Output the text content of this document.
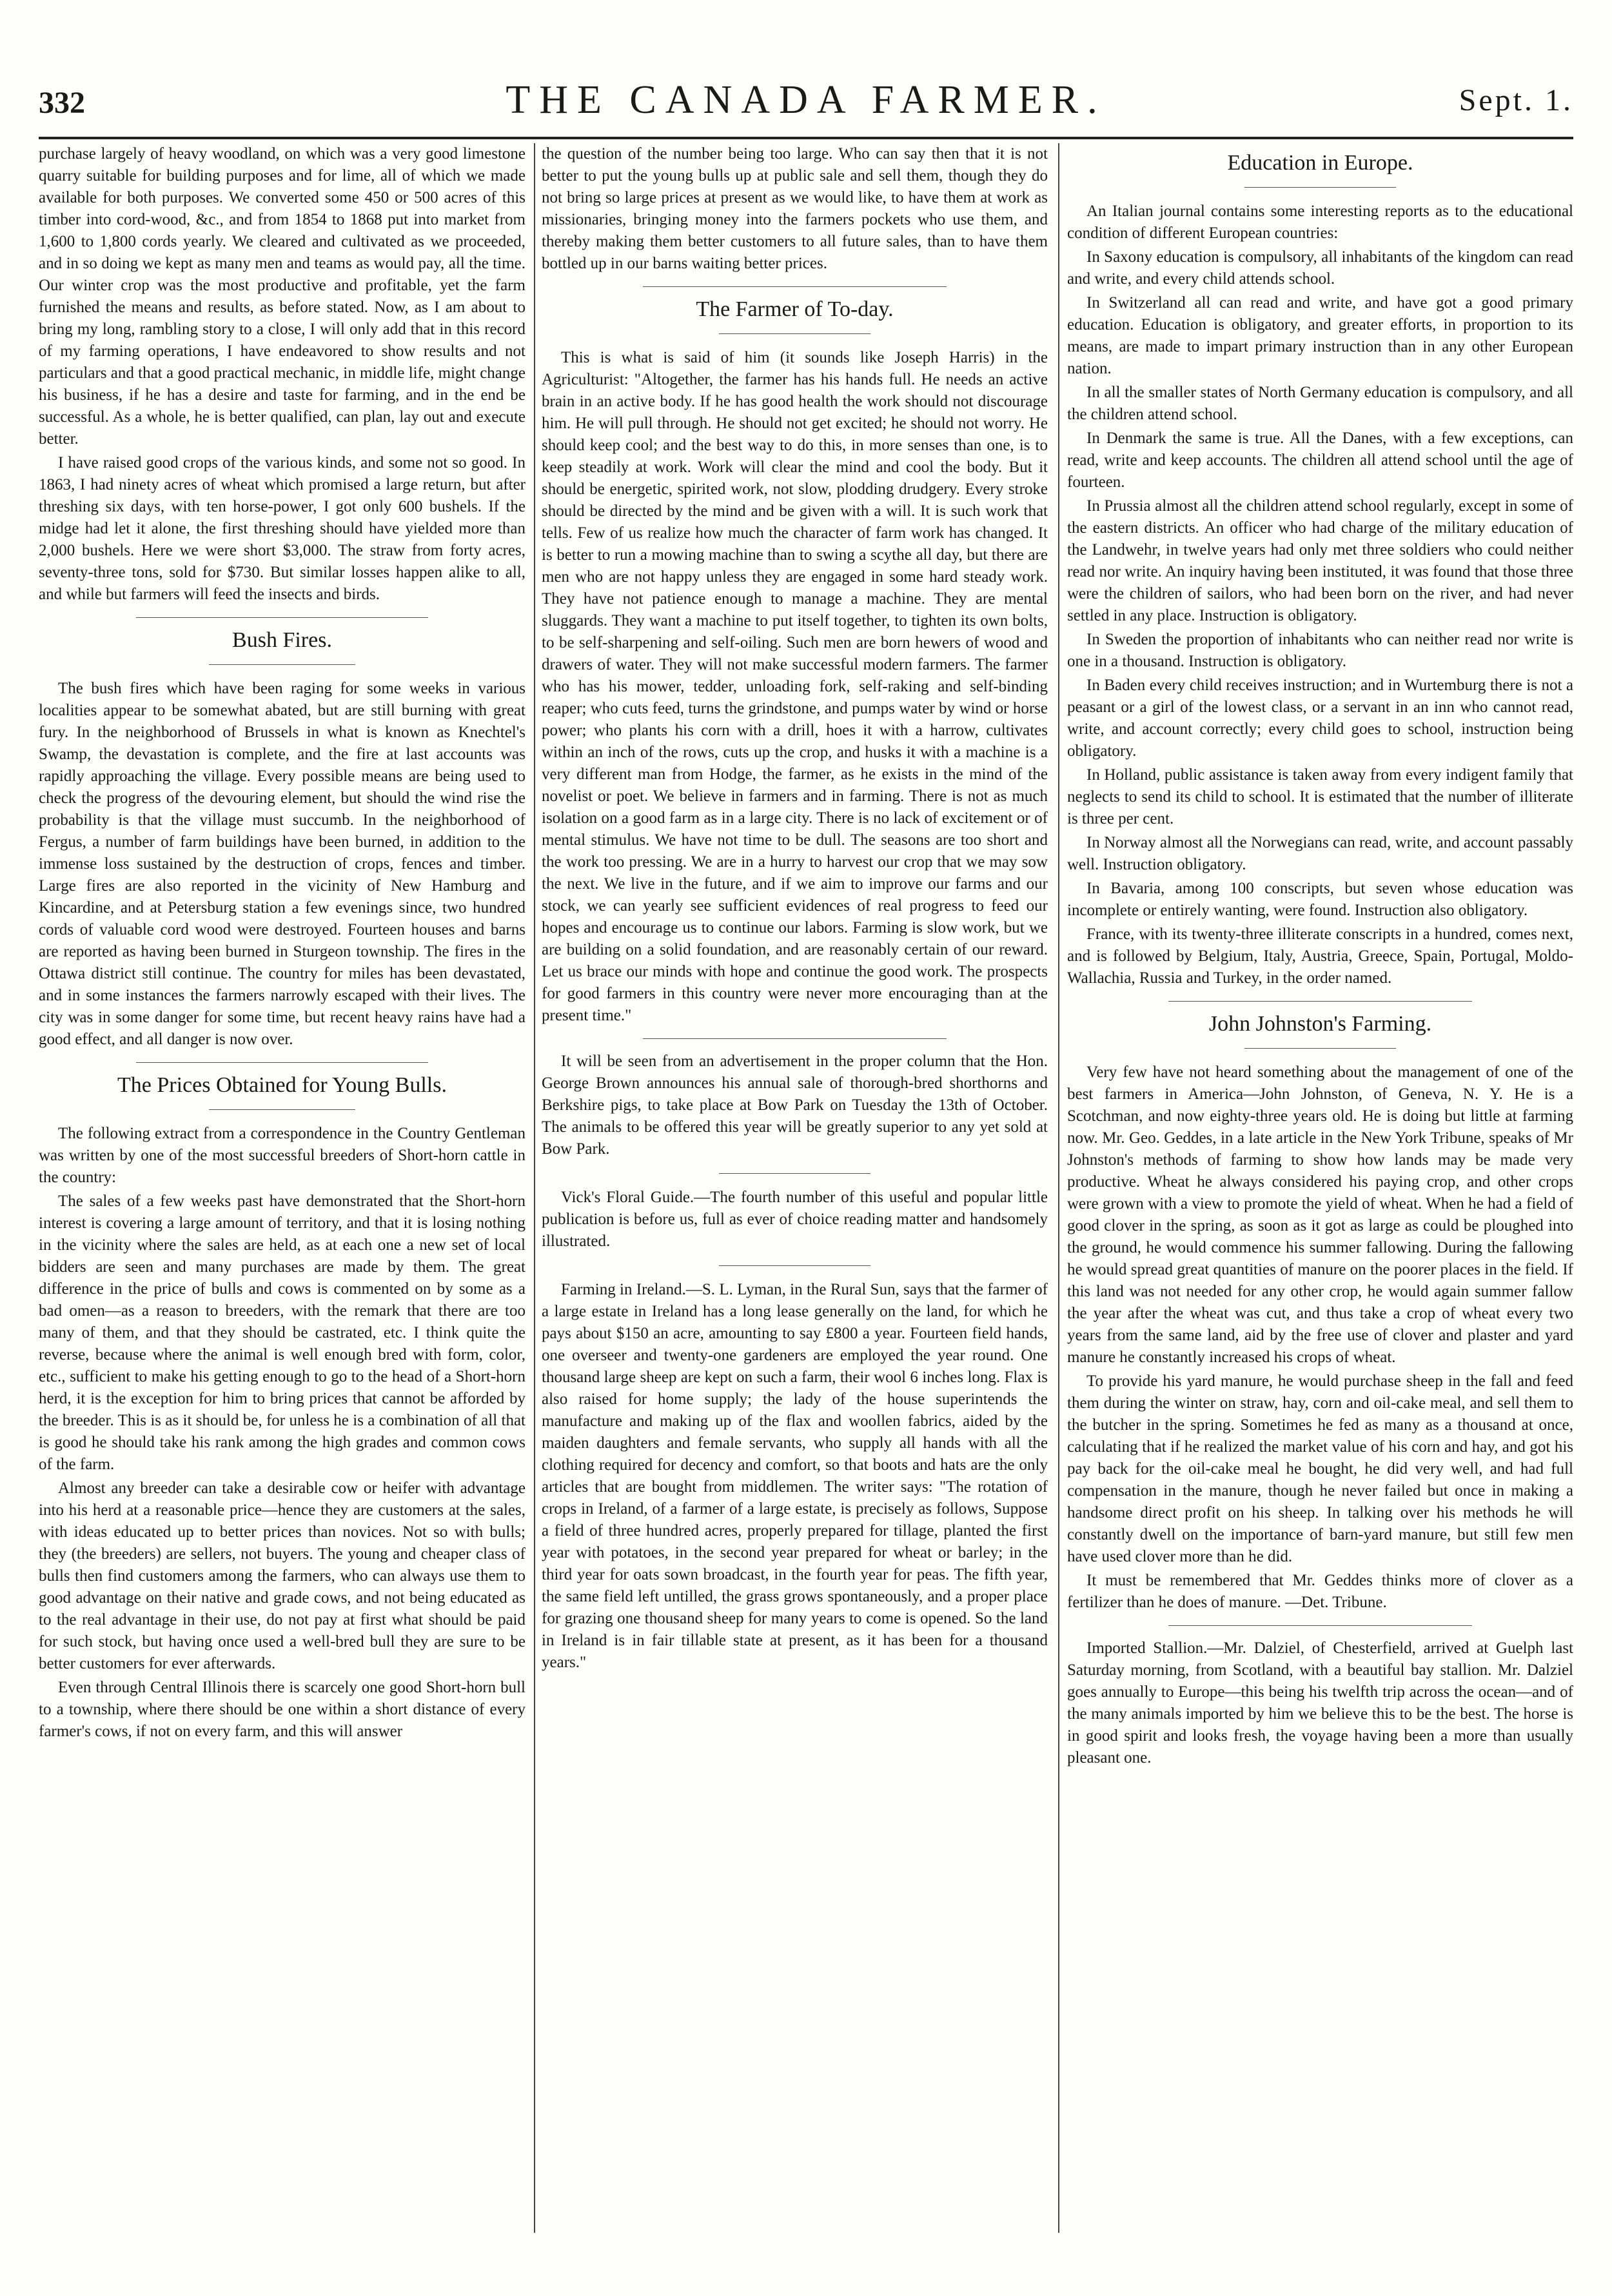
332	THE CANADA FARMER.	Sept. 1.

purchase largely of heavy woodland, on which was a very good limestone quarry suitable for building purposes and for lime, all of which we made available for both purposes. We converted some 450 or 500 acres of this timber into cord-wood, &c., and from 1854 to 1868 put into market from 1,600 to 1,800 cords yearly. We cleared and cultivated as we proceeded, and in so doing we kept as many men and teams as would pay, all the time. Our winter crop was the most productive and profitable, yet the farm furnished the means and results, as before stated. Now, as I am about to bring my long, rambling story to a close, I will only add that in this record of my farming operations, I have endeavored to show results and not particulars and that a good practical mechanic, in middle life, might change his business, if he has a desire and taste for farming, and in the end be successful. As a whole, he is better qualified, can plan, lay out and execute better.

I have raised good crops of the various kinds, and some not so good. In 1863, I had ninety acres of wheat which promised a large return, but after threshing six days, with ten horse-power, I got only 600 bushels. If the midge had let it alone, the first threshing should have yielded more than 2,000 bushels. Here we were short $3,000. The straw from forty acres, seventy-three tons, sold for $730. But similar losses happen alike to all, and while but farmers will feed the insects and birds.

Bush Fires.

The bush fires which have been raging for some weeks in various localities appear to be somewhat abated, but are still burning with great fury. In the neighborhood of Brussels in what is known as Knechtel's Swamp, the devastation is complete, and the fire at last accounts was rapidly approaching the village. Every possible means are being used to check the progress of the devouring element, but should the wind rise the probability is that the village must succumb. In the neighborhood of Fergus, a number of farm buildings have been burned, in addition to the immense loss sustained by the destruction of crops, fences and timber. Large fires are also reported in the vicinity of New Hamburg and Kincardine, and at Petersburg station a few evenings since, two hundred cords of valuable cord wood were destroyed. Fourteen houses and barns are reported as having been burned in Sturgeon township. The fires in the Ottawa district still continue. The country for miles has been devastated, and in some instances the farmers narrowly escaped with their lives. The city was in some danger for some time, but recent heavy rains have had a good effect, and all danger is now over.

The Prices Obtained for Young Bulls.

The following extract from a correspondence in the Country Gentleman was written by one of the most successful breeders of Short-horn cattle in the country:

The sales of a few weeks past have demonstrated that the Short-horn interest is covering a large amount of territory, and that it is losing nothing in the vicinity where the sales are held, as at each one a new set of local bidders are seen and many purchases are made by them. The great difference in the price of bulls and cows is commented on by some as a bad omen—as a reason to breeders, with the remark that there are too many of them, and that they should be castrated, etc. I think quite the reverse, because where the animal is well enough bred with form, color, etc., sufficient to make his getting enough to go to the head of a Short-horn herd, it is the exception for him to bring prices that cannot be afforded by the breeder. This is as it should be, for unless he is a combination of all that is good he should take his rank among the high grades and common cows of the farm.

Almost any breeder can take a desirable cow or heifer with advantage into his herd at a reasonable price—hence they are customers at the sales, with ideas educated up to better prices than novices. Not so with bulls; they (the breeders) are sellers, not buyers. The young and cheaper class of bulls then find customers among the farmers, who can always use them to good advantage on their native and grade cows, and not being educated as to the real advantage in their use, do not pay at first what should be paid for such stock, but having once used a well-bred bull they are sure to be better customers for ever afterwards.

Even through Central Illinois there is scarcely one good Short-horn bull to a township, where there should be one within a short distance of every farmer's cows, if not on every farm, and this will answer

the question of the number being too large. Who can say then that it is not better to put the young bulls up at public sale and sell them, though they do not bring so large prices at present as we would like, to have them at work as missionaries, bringing money into the farmers pockets who use them, and thereby making them better customers to all future sales, than to have them bottled up in our barns waiting better prices.

The Farmer of To-day.

This is what is said of him (it sounds like Joseph Harris) in the Agriculturist: "Altogether, the farmer has his hands full. He needs an active brain in an active body. If he has good health the work should not discourage him. He will pull through. He should not get excited; he should not worry. He should keep cool; and the best way to do this, in more senses than one, is to keep steadily at work. Work will clear the mind and cool the body. But it should be energetic, spirited work, not slow, plodding drudgery. Every stroke should be directed by the mind and be given with a will. It is such work that tells. Few of us realize how much the character of farm work has changed. It is better to run a mowing machine than to swing a scythe all day, but there are men who are not happy unless they are engaged in some hard steady work. They have not patience enough to manage a machine. They are mental sluggards. They want a machine to put itself together, to tighten its own bolts, to be self-sharpening and self-oiling. Such men are born hewers of wood and drawers of water. They will not make successful modern farmers. The farmer who has his mower, tedder, unloading fork, self-raking and self-binding reaper; who cuts feed, turns the grindstone, and pumps water by wind or horse power; who plants his corn with a drill, hoes it with a harrow, cultivates within an inch of the rows, cuts up the crop, and husks it with a machine is a very different man from Hodge, the farmer, as he exists in the mind of the novelist or poet. We believe in farmers and in farming. There is not as much isolation on a good farm as in a large city. There is no lack of excitement or of mental stimulus. We have not time to be dull. The seasons are too short and the work too pressing. We are in a hurry to harvest our crop that we may sow the next. We live in the future, and if we aim to improve our farms and our stock, we can yearly see sufficient evidences of real progress to feed our hopes and encourage us to continue our labors. Farming is slow work, but we are building on a solid foundation, and are reasonably certain of our reward. Let us brace our minds with hope and continue the good work. The prospects for good farmers in this country were never more encouraging than at the present time."

It will be seen from an advertisement in the proper column that the Hon. George Brown announces his annual sale of thorough-bred shorthorns and Berkshire pigs, to take place at Bow Park on Tuesday the 13th of October. The animals to be offered this year will be greatly superior to any yet sold at Bow Park.

Vick's Floral Guide.—The fourth number of this useful and popular little publication is before us, full as ever of choice reading matter and handsomely illustrated.

Farming in Ireland.—S. L. Lyman, in the Rural Sun, says that the farmer of a large estate in Ireland has a long lease generally on the land, for which he pays about $150 an acre, amounting to say £800 a year. Fourteen field hands, one overseer and twenty-one gardeners are employed the year round. One thousand large sheep are kept on such a farm, their wool 6 inches long. Flax is also raised for home supply; the lady of the house superintends the manufacture and making up of the flax and woollen fabrics, aided by the maiden daughters and female servants, who supply all hands with all the clothing required for decency and comfort, so that boots and hats are the only articles that are bought from middlemen. The writer says: "The rotation of crops in Ireland, of a farmer of a large estate, is precisely as follows, Suppose a field of three hundred acres, properly prepared for tillage, planted the first year with potatoes, in the second year prepared for wheat or barley; in the third year for oats sown broadcast, in the fourth year for peas. The fifth year, the same field left untilled, the grass grows spontaneously, and a proper place for grazing one thousand sheep for many years to come is opened. So the land in Ireland is in fair tillable state at present, as it has been for a thousand years."

Education in Europe.

An Italian journal contains some interesting reports as to the educational condition of different European countries:

In Saxony education is compulsory, all inhabitants of the kingdom can read and write, and every child attends school.

In Switzerland all can read and write, and have got a good primary education. Education is obligatory, and greater efforts, in proportion to its means, are made to impart primary instruction than in any other European nation.

In all the smaller states of North Germany education is compulsory, and all the children attend school.

In Denmark the same is true. All the Danes, with a few exceptions, can read, write and keep accounts. The children all attend school until the age of fourteen.

In Prussia almost all the children attend school regularly, except in some of the eastern districts. An officer who had charge of the military education of the Landwehr, in twelve years had only met three soldiers who could neither read nor write. An inquiry having been instituted, it was found that those three were the children of sailors, who had been born on the river, and had never settled in any place. Instruction is obligatory.

In Sweden the proportion of inhabitants who can neither read nor write is one in a thousand. Instruction is obligatory.

In Baden every child receives instruction; and in Wurtemburg there is not a peasant or a girl of the lowest class, or a servant in an inn who cannot read, write, and account correctly; every child goes to school, instruction being obligatory.

In Holland, public assistance is taken away from every indigent family that neglects to send its child to school. It is estimated that the number of illiterate is three per cent.

In Norway almost all the Norwegians can read, write, and account passably well. Instruction obligatory.

In Bavaria, among 100 conscripts, but seven whose education was incomplete or entirely wanting, were found. Instruction also obligatory.

France, with its twenty-three illiterate conscripts in a hundred, comes next, and is followed by Belgium, Italy, Austria, Greece, Spain, Portugal, Moldo-Wallachia, Russia and Turkey, in the order named.

John Johnston's Farming.

Very few have not heard something about the management of one of the best farmers in America—John Johnston, of Geneva, N. Y. He is a Scotchman, and now eighty-three years old. He is doing but little at farming now. Mr. Geo. Geddes, in a late article in the New York Tribune, speaks of Mr Johnston's methods of farming to show how lands may be made very productive. Wheat he always considered his paying crop, and other crops were grown with a view to promote the yield of wheat. When he had a field of good clover in the spring, as soon as it got as large as could be ploughed into the ground, he would commence his summer fallowing. During the fallowing he would spread great quantities of manure on the poorer places in the field. If this land was not needed for any other crop, he would again summer fallow the year after the wheat was cut, and thus take a crop of wheat every two years from the same land, aid by the free use of clover and plaster and yard manure he constantly increased his crops of wheat.

To provide his yard manure, he would purchase sheep in the fall and feed them during the winter on straw, hay, corn and oil-cake meal, and sell them to the butcher in the spring. Sometimes he fed as many as a thousand at once, calculating that if he realized the market value of his corn and hay, and got his pay back for the oil-cake meal he bought, he did very well, and had full compensation in the manure, though he never failed but once in making a handsome direct profit on his sheep. In talking over his methods he will constantly dwell on the importance of barn-yard manure, but still few men have used clover more than he did.

It must be remembered that Mr. Geddes thinks more of clover as a fertilizer than he does of manure. —Det. Tribune.

Imported Stallion.—Mr. Dalziel, of Chesterfield, arrived at Guelph last Saturday morning, from Scotland, with a beautiful bay stallion. Mr. Dalziel goes annually to Europe—this being his twelfth trip across the ocean—and of the many animals imported by him we believe this to be the best. The horse is in good spirit and looks fresh, the voyage having been a more than usually pleasant one.
